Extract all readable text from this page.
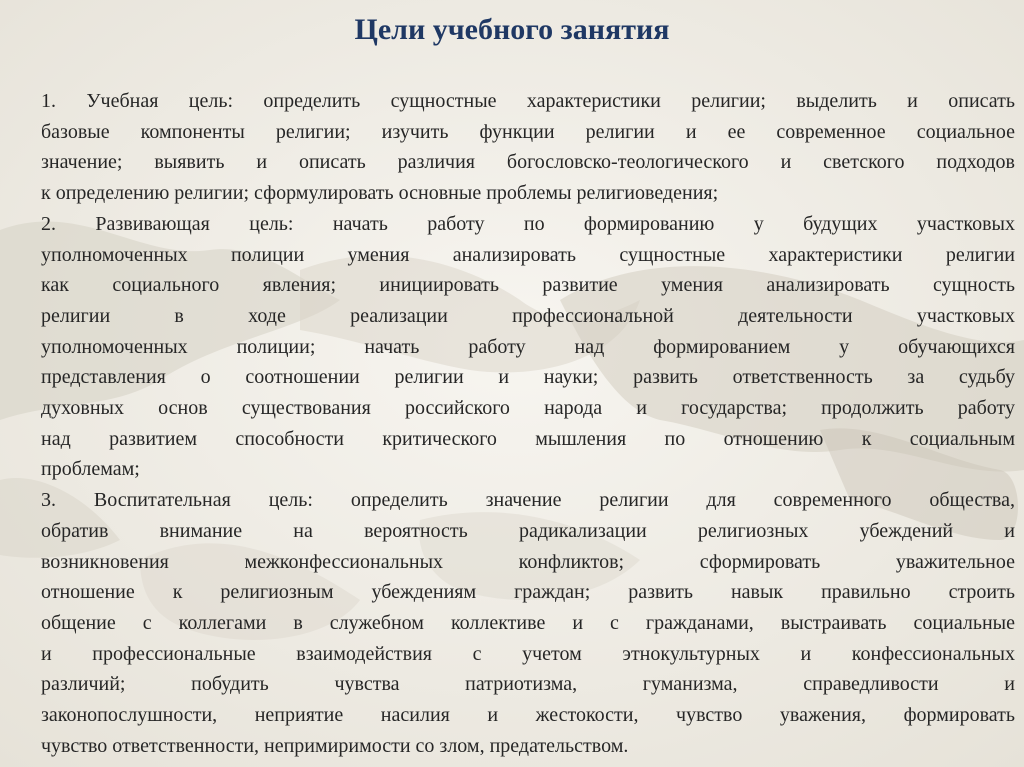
Цели учебного занятия

1. Учебная цель: определить сущностные характеристики религии; выделить и описать
базовые компоненты религии; изучить функции религии и ее современное социальное
значение; выявить и описать различия богословско-теологического и светского подходов
к определению религии; сформулировать основные проблемы религиоведения;

2. Развивающая цель: начать работу по формированию у будущих участковых
уполномоченных полиции умения анализировать сущностные характеристики религии
как социального явления; инициировать развитие умения анализировать сущность
религии в ходе реализации профессиональной деятельности участковых
уполномоченных полиции; начать работу над формированием у обучающихся
представления о соотношении религии и науки; развить ответственность за судьбу
духовных основ существования российского народа и государства; продолжить работу
над развитием способности критического мышления по отношению к социальным
проблемам;

3. Воспитательная цель: определить значение религии для современного общества,
обратив внимание на вероятность радикализации религиозных убеждений и
возникновения межконфессиональных конфликтов; сформировать уважительное
отношение к религиозным убеждениям граждан; развить навык правильно строить
общение с коллегами в служебном коллективе и с гражданами, выстраивать социальные
и профессиональные взаимодействия с учетом этнокультурных и конфессиональных
различий; побудить чувства патриотизма, гуманизма, справедливости и
законопослушности, неприятие насилия и жестокости, чувство уважения, формировать
чувство ответственности, непримиримости со злом, предательством.
